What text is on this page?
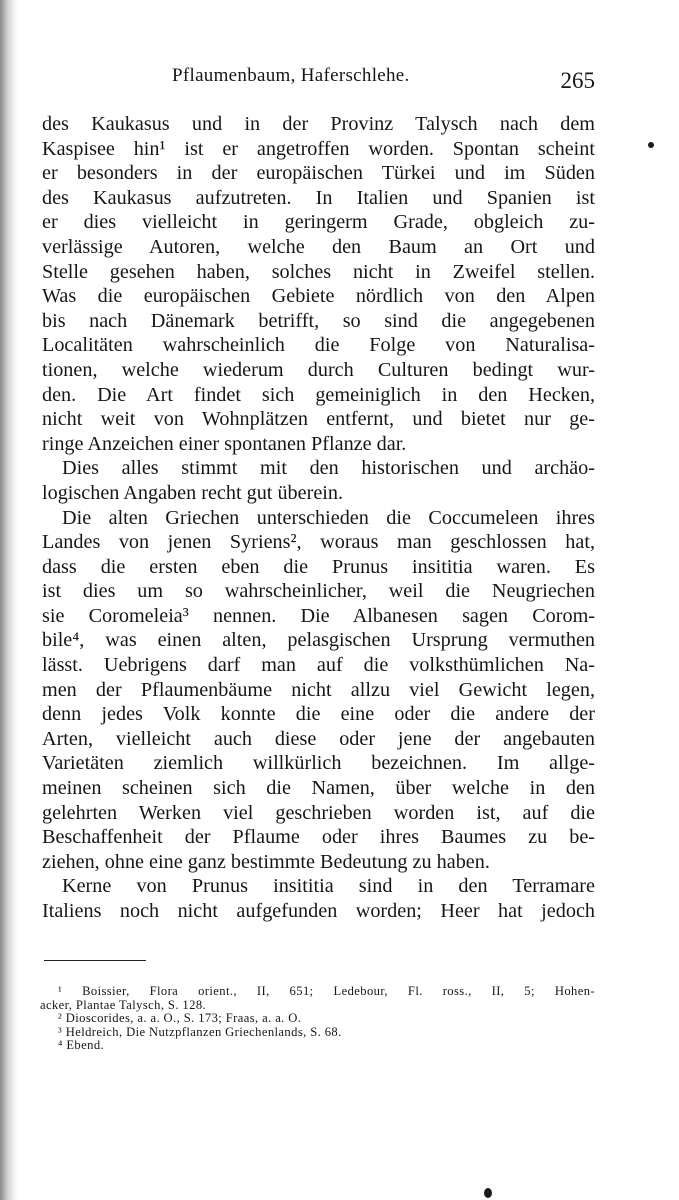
Pflaumenbaum, Haferschlehe.	265
des Kaukasus und in der Provinz Talysch nach dem
Kaspisee hin¹ ist er angetroffen worden. Spontan scheint
er besonders in der europäischen Türkei und im Süden
des Kaukasus aufzutreten. In Italien und Spanien ist
er dies vielleicht in geringerm Grade, obgleich zu-
verlässige Autoren, welche den Baum an Ort und
Stelle gesehen haben, solches nicht in Zweifel stellen.
Was die europäischen Gebiete nördlich von den Alpen
bis nach Dänemark betrifft, so sind die angegebenen
Localitäten wahrscheinlich die Folge von Naturalisa-
tionen, welche wiederum durch Culturen bedingt wur-
den. Die Art findet sich gemeiniglich in den Hecken,
nicht weit von Wohnplätzen entfernt, und bietet nur ge-
ringe Anzeichen einer spontanen Pflanze dar.
Dies alles stimmt mit den historischen und archäo-
logischen Angaben recht gut überein.
Die alten Griechen unterschieden die Coccumeleen ihres
Landes von jenen Syriens², woraus man geschlossen hat,
dass die ersten eben die Prunus insititia waren. Es
ist dies um so wahrscheinlicher, weil die Neugriechen
sie Coromeleia³ nennen. Die Albanesen sagen Corom-
bile⁴, was einen alten, pelasgischen Ursprung vermuthen
lässt. Uebrigens darf man auf die volksthümlichen Na-
men der Pflaumenbäume nicht allzu viel Gewicht legen,
denn jedes Volk konnte die eine oder die andere der
Arten, vielleicht auch diese oder jene der angebauten
Varietäten ziemlich willkürlich bezeichnen. Im allge-
meinen scheinen sich die Namen, über welche in den
gelehrten Werken viel geschrieben worden ist, auf die
Beschaffenheit der Pflaume oder ihres Baumes zu be-
ziehen, ohne eine ganz bestimmte Bedeutung zu haben.
Kerne von Prunus insititia sind in den Terramare
Italiens noch nicht aufgefunden worden; Heer hat jedoch
¹ Boissier, Flora orient., II, 651; Ledebour, Fl. ross., II, 5; Hohen-
acker, Plantae Talysch, S. 128.
² Dioscorides, a. a. O., S. 173; Fraas, a. a. O.
³ Heldreich, Die Nutzpflanzen Griechenlands, S. 68.
⁴ Ebend.
